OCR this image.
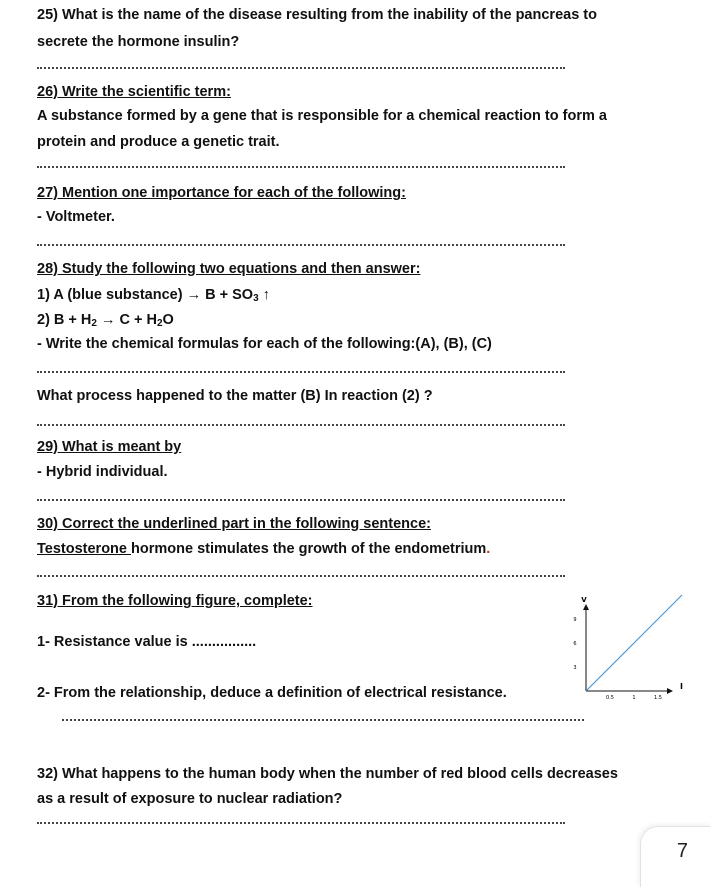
25) What is the name of the disease resulting from the inability of the pancreas to
secrete the hormone insulin?
26) Write the scientific term:
A substance formed by a gene that is responsible for a chemical reaction to form a
protein and produce a genetic trait.
27) Mention one importance for each of the following:
- Voltmeter.
28) Study the following two equations and then answer:
1) A (blue substance) → $B + SO_3$ ↑
2) $B + H_2 \to C + H_2O$
- Write the chemical formulas for each of the following:(A), (B), (C)
What process happened to the matter (B) In reaction (2) ?
29) What is meant by
- Hybrid individual.
30) Correct the underlined part in the following sentence:
Testosterone hormone stimulates the growth of the endometrium.
31) From the following figure, complete:
1- Resistance value is ................
2- From the relationship, deduce a definition of electrical resistance.
V
I
0.5	1	1.5
3
6
9
32) What happens to the human body when the number of red blood cells decreases
as a result of exposure to nuclear radiation?
7
